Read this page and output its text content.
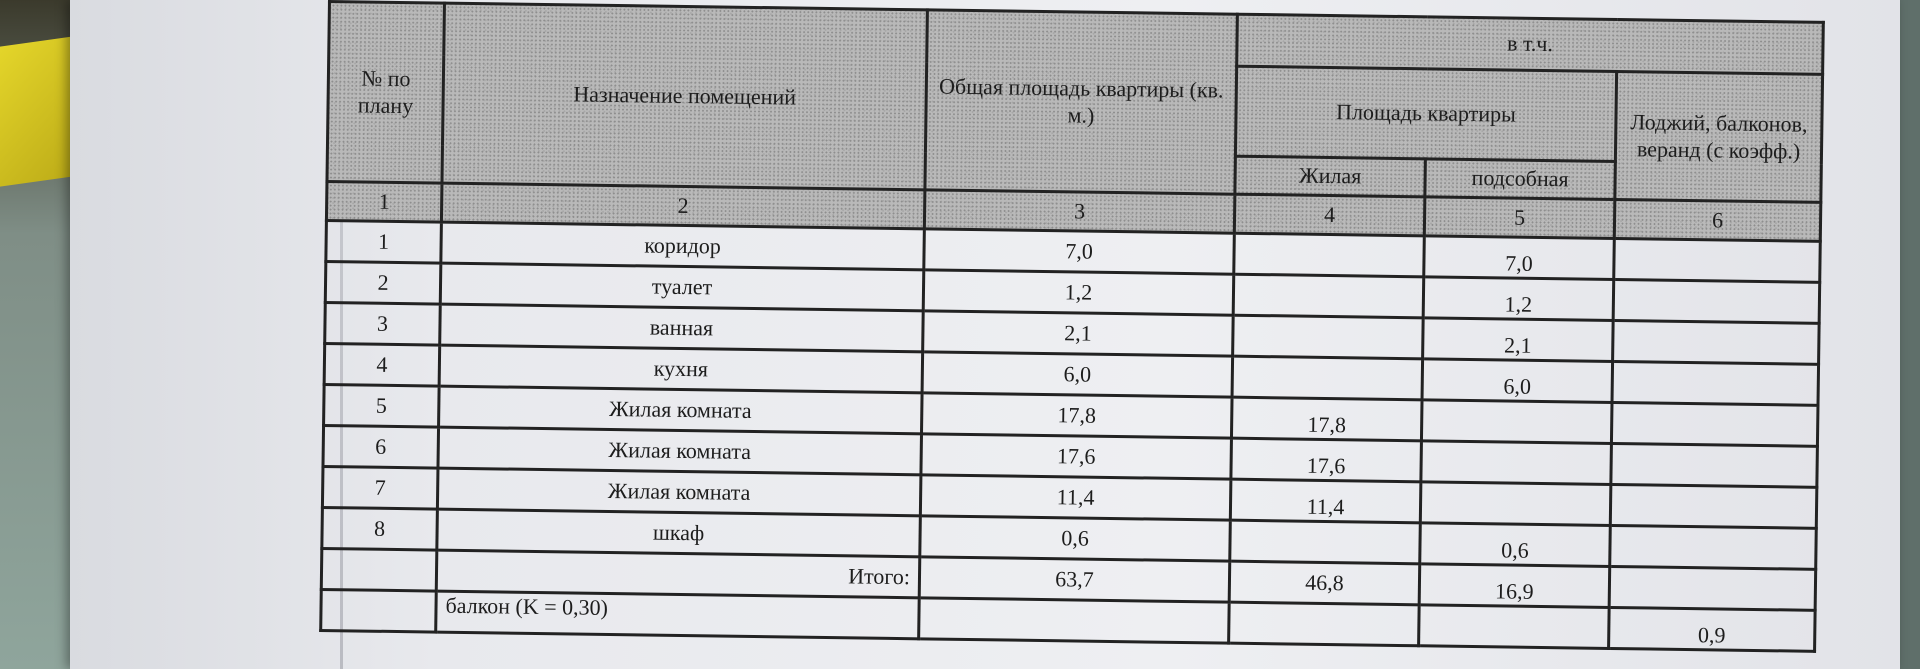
№ по плану	Назначение помещений	Общая площадь квартиры (кв. м.)	в т.ч.		
			Площадь квартиры		Лоджий, балконов, веранд (с коэфф.)
			Жилая	подсобная	
1	2	3	4	5	6
1	коридор	7,0		7,0	
2	туалет	1,2		1,2	
3	ванная	2,1		2,1	
4	кухня	6,0		6,0	
5	Жилая комната	17,8	17,8		
6	Жилая комната	17,6	17,6		
7	Жилая комната	11,4	11,4		
8	шкаф	0,6		0,6	
	Итого:	63,7	46,8	16,9	
	балкон (K = 0,30)				0,9
